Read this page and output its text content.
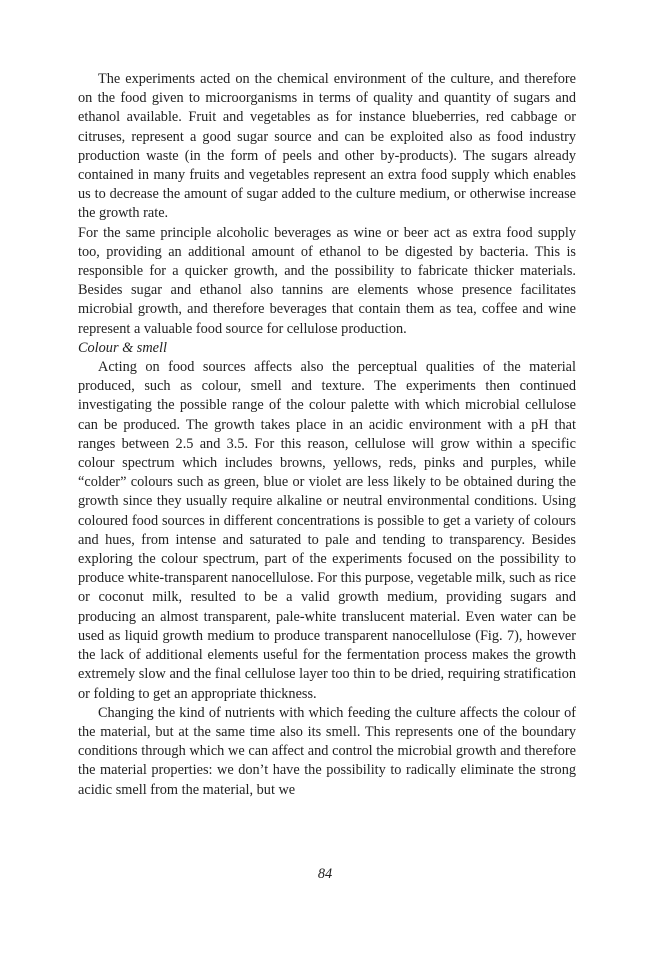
The experiments acted on the chemical environment of the culture, and therefore on the food given to microorganisms in terms of quality and quantity of sugars and ethanol available. Fruit and vegetables as for instance blueberries, red cabbage or citruses, represent a good sugar source and can be exploited also as food industry production waste (in the form of peels and other by-products). The sugars already contained in many fruits and vegetables represent an extra food supply which enables us to decrease the amount of sugar added to the culture medium, or otherwise increase the growth rate.

For the same principle alcoholic beverages as wine or beer act as extra food supply too, providing an additional amount of ethanol to be digested by bacteria. This is responsible for a quicker growth, and the possibility to fabricate thicker materials. Besides sugar and ethanol also tannins are elements whose presence facilitates microbial growth, and therefore beverages that contain them as tea, coffee and wine represent a valuable food source for cellulose production.

Colour & smell

Acting on food sources affects also the perceptual qualities of the material produced, such as colour, smell and texture. The experiments then continued investigating the possible range of the colour palette with which microbial cellulose can be produced. The growth takes place in an acidic environment with a pH that ranges between 2.5 and 3.5. For this reason, cellulose will grow within a specific colour spectrum which includes browns, yellows, reds, pinks and purples, while “colder” colours such as green, blue or violet are less likely to be obtained during the growth since they usually require alkaline or neutral environmental conditions. Using coloured food sources in different concentrations is possible to get a variety of colours and hues, from intense and saturated to pale and tending to transparency. Besides exploring the colour spectrum, part of the experiments focused on the possibility to produce white-transparent nanocellulose. For this purpose, vegetable milk, such as rice or coconut milk, resulted to be a valid growth medium, providing sugars and producing an almost transparent, pale-white translucent material. Even water can be used as liquid growth medium to produce transparent nanocellulose (Fig. 7), however the lack of additional elements useful for the fermentation process makes the growth extremely slow and the final cellulose layer too thin to be dried, requiring stratification or folding to get an appropriate thickness.

Changing the kind of nutrients with which feeding the culture affects the colour of the material, but at the same time also its smell. This represents one of the boundary conditions through which we can affect and control the microbial growth and therefore the material properties: we don’t have the possibility to radically eliminate the strong acidic smell from the material, but we

84
